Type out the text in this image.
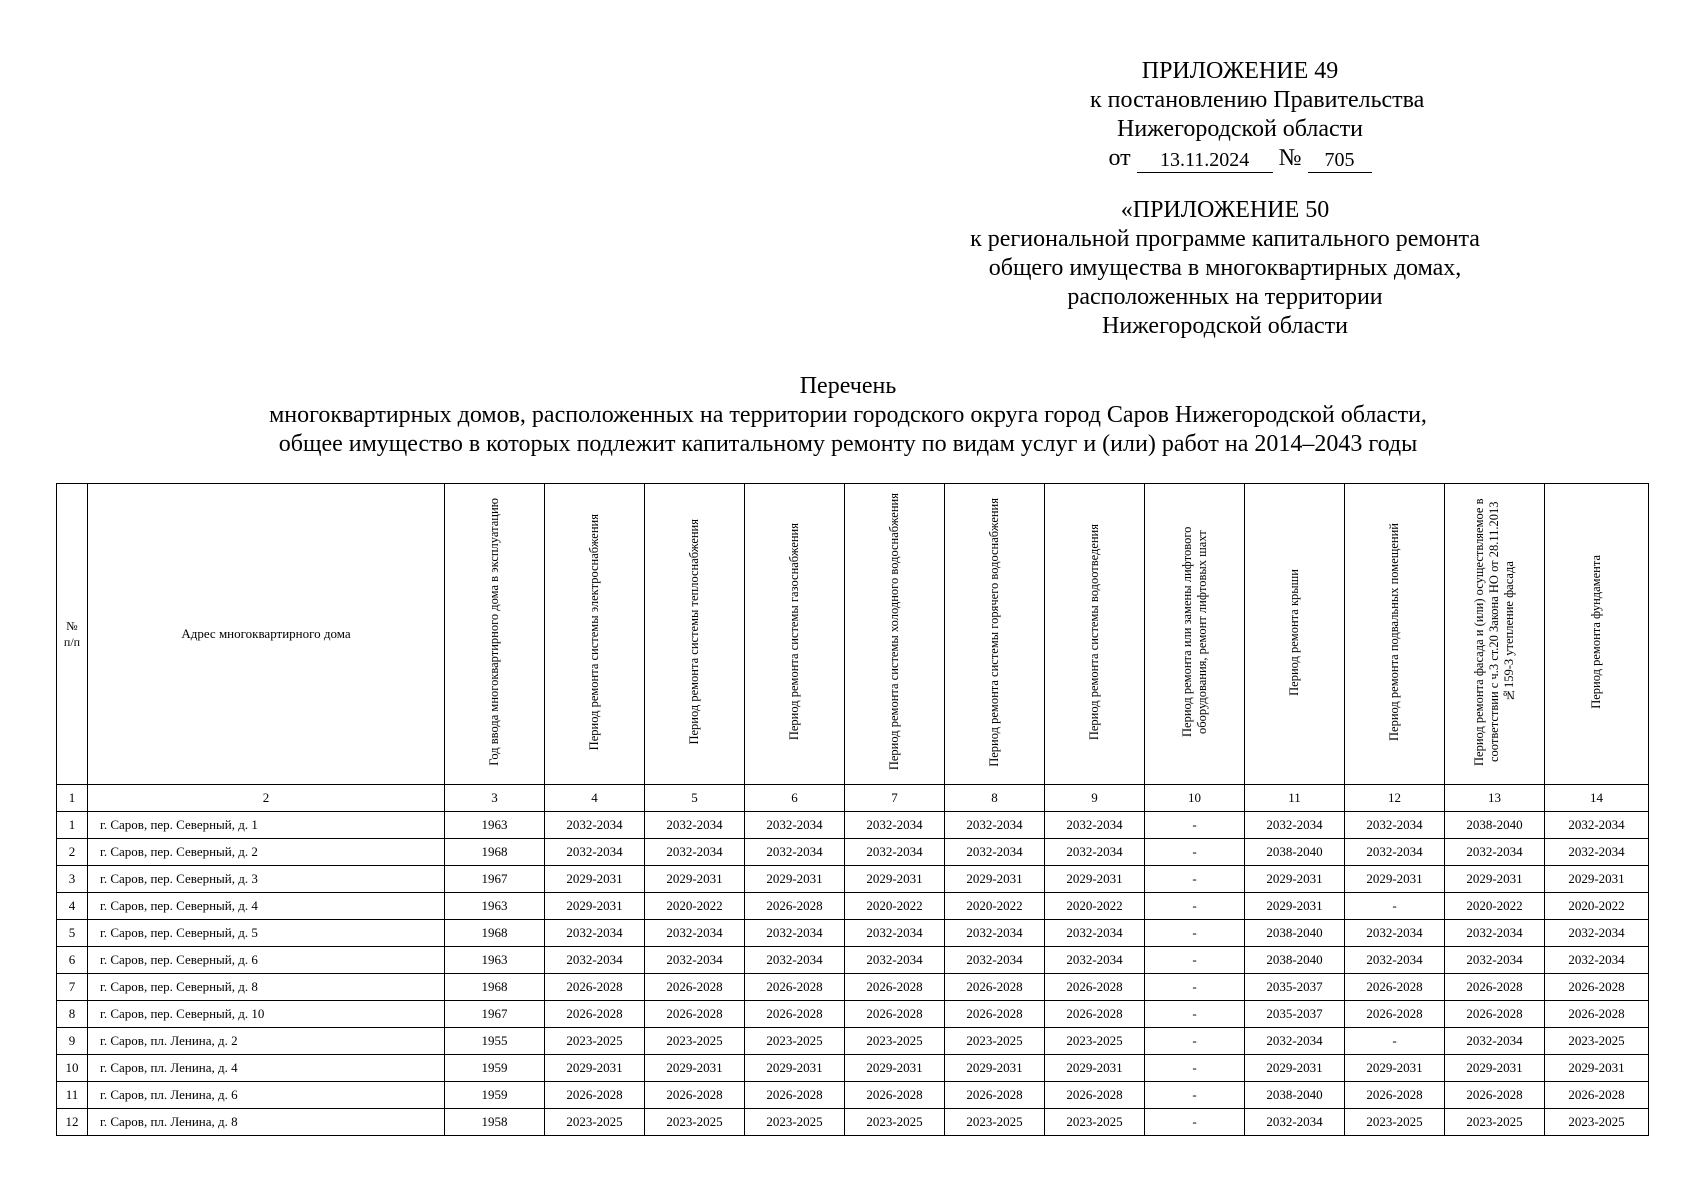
ПРИЛОЖЕНИЕ 49
к постановлению Правительства
Нижегородской области
от	13.11.2024	№	705
«ПРИЛОЖЕНИЕ 50
к региональной программе капитального ремонта
общего имущества в многоквартирных домах,
расположенных на территории
Нижегородской области
Перечень
многоквартирных домов, расположенных на территории городского округа город Саров Нижегородской области,
общее имущество в которых подлежит капитальному ремонту по видам услуг и (или) работ на 2014–2043 годы
№ п/п	Адрес многоквартирного дома	Год ввода многоквартирного дома в эксплуатацию	Период ремонта системы электроснабжения	Период ремонта системы теплоснабжения	Период ремонта системы газоснабжения	Период ремонта системы холодного водоснабжения	Период ремонта системы горячего водоснабжения	Период ремонта системы водоотведения	Период ремонта или замены лифтового оборудования, ремонт лифтовых шахт	Период ремонта крыши	Период ремонта подвальных помещений	Период ремонта фасада и (или) осуществляемое в соответствии с ч.3 ст.20 Закона НО от 28.11.2013 №159-З утепление фасада	Период ремонта фундамента
1	2	3	4	5	6	7	8	9	10	11	12	13	14
1	г. Саров, пер. Северный, д. 1	1963	2032-2034	2032-2034	2032-2034	2032-2034	2032-2034	2032-2034	-	2032-2034	2032-2034	2038-2040	2032-2034
2	г. Саров, пер. Северный, д. 2	1968	2032-2034	2032-2034	2032-2034	2032-2034	2032-2034	2032-2034	-	2038-2040	2032-2034	2032-2034	2032-2034
3	г. Саров, пер. Северный, д. 3	1967	2029-2031	2029-2031	2029-2031	2029-2031	2029-2031	2029-2031	-	2029-2031	2029-2031	2029-2031	2029-2031
4	г. Саров, пер. Северный, д. 4	1963	2029-2031	2020-2022	2026-2028	2020-2022	2020-2022	2020-2022	-	2029-2031	-	2020-2022	2020-2022
5	г. Саров, пер. Северный, д. 5	1968	2032-2034	2032-2034	2032-2034	2032-2034	2032-2034	2032-2034	-	2038-2040	2032-2034	2032-2034	2032-2034
6	г. Саров, пер. Северный, д. 6	1963	2032-2034	2032-2034	2032-2034	2032-2034	2032-2034	2032-2034	-	2038-2040	2032-2034	2032-2034	2032-2034
7	г. Саров, пер. Северный, д. 8	1968	2026-2028	2026-2028	2026-2028	2026-2028	2026-2028	2026-2028	-	2035-2037	2026-2028	2026-2028	2026-2028
8	г. Саров, пер. Северный, д. 10	1967	2026-2028	2026-2028	2026-2028	2026-2028	2026-2028	2026-2028	-	2035-2037	2026-2028	2026-2028	2026-2028
9	г. Саров, пл. Ленина, д. 2	1955	2023-2025	2023-2025	2023-2025	2023-2025	2023-2025	2023-2025	-	2032-2034	-	2032-2034	2023-2025
10	г. Саров, пл. Ленина, д. 4	1959	2029-2031	2029-2031	2029-2031	2029-2031	2029-2031	2029-2031	-	2029-2031	2029-2031	2029-2031	2029-2031
11	г. Саров, пл. Ленина, д. 6	1959	2026-2028	2026-2028	2026-2028	2026-2028	2026-2028	2026-2028	-	2038-2040	2026-2028	2026-2028	2026-2028
12	г. Саров, пл. Ленина, д. 8	1958	2023-2025	2023-2025	2023-2025	2023-2025	2023-2025	2023-2025	-	2032-2034	2023-2025	2023-2025	2023-2025
